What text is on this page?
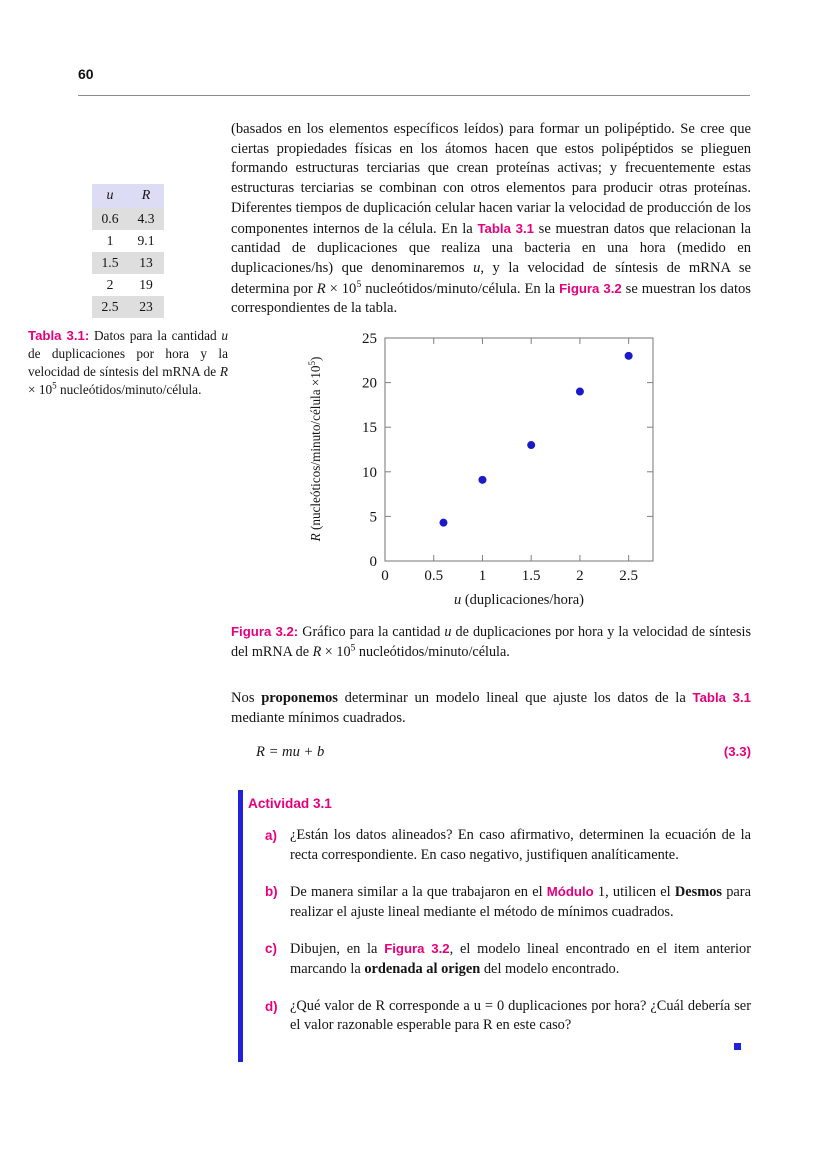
60
u	R
0.6	4.3
1	9.1
1.5	13
2	19
2.5	23
Tabla 3.1: Datos para la cantidad u de duplicaciones por hora y la velocidad de síntesis del mRNA de $R \times 10^5$ nucleótidos/minuto/célula.

(basados en los elementos específicos leídos) para formar un polipéptido. Se cree que ciertas propiedades físicas en los átomos hacen que estos polipéptidos se plieguen formando estructuras terciarias que crean proteínas activas; y frecuentemente estas estructuras terciarias se combinan con otros elementos para producir otras proteínas. Diferentes tiempos de duplicación celular hacen variar la velocidad de producción de los componentes internos de la célula. En la Tabla 3.1 se muestran datos que relacionan la cantidad de duplicaciones que realiza una bacteria en una hora (medido en duplicaciones/hs) que denominaremos u, y la velocidad de síntesis de mRNA se determina por $R \times 10^5$ nucleótidos/minuto/célula. En la Figura 3.2 se muestran los datos correspondientes de la tabla.

0 0.5 1 1.5 2 2.5
0
5
10
15
20
25
u (duplicaciones/hora)
R (nucleóticos/minuto/célula $\times 10^5$)
Figura 3.2: Gráfico para la cantidad u de duplicaciones por hora y la velocidad de síntesis del mRNA de $R \times 10^5$ nucleótidos/minuto/célula.
Nos proponemos determinar un modelo lineal que ajuste los datos de la Tabla 3.1 mediante mínimos cuadrados.
R = mu + b	(3.3)
Actividad 3.1
a) ¿Están los datos alineados? En caso afirmativo, determinen la ecuación de la recta correspondiente. En caso negativo, justifiquen analíticamente.
b) De manera similar a la que trabajaron en el Módulo 1, utilicen el Desmos para realizar el ajuste lineal mediante el método de mínimos cuadrados.
c) Dibujen, en la Figura 3.2, el modelo lineal encontrado en el item anterior marcando la ordenada al origen del modelo encontrado.
d) ¿Qué valor de R corresponde a u = 0 duplicaciones por hora? ¿Cuál debería ser el valor razonable esperable para R en este caso?
